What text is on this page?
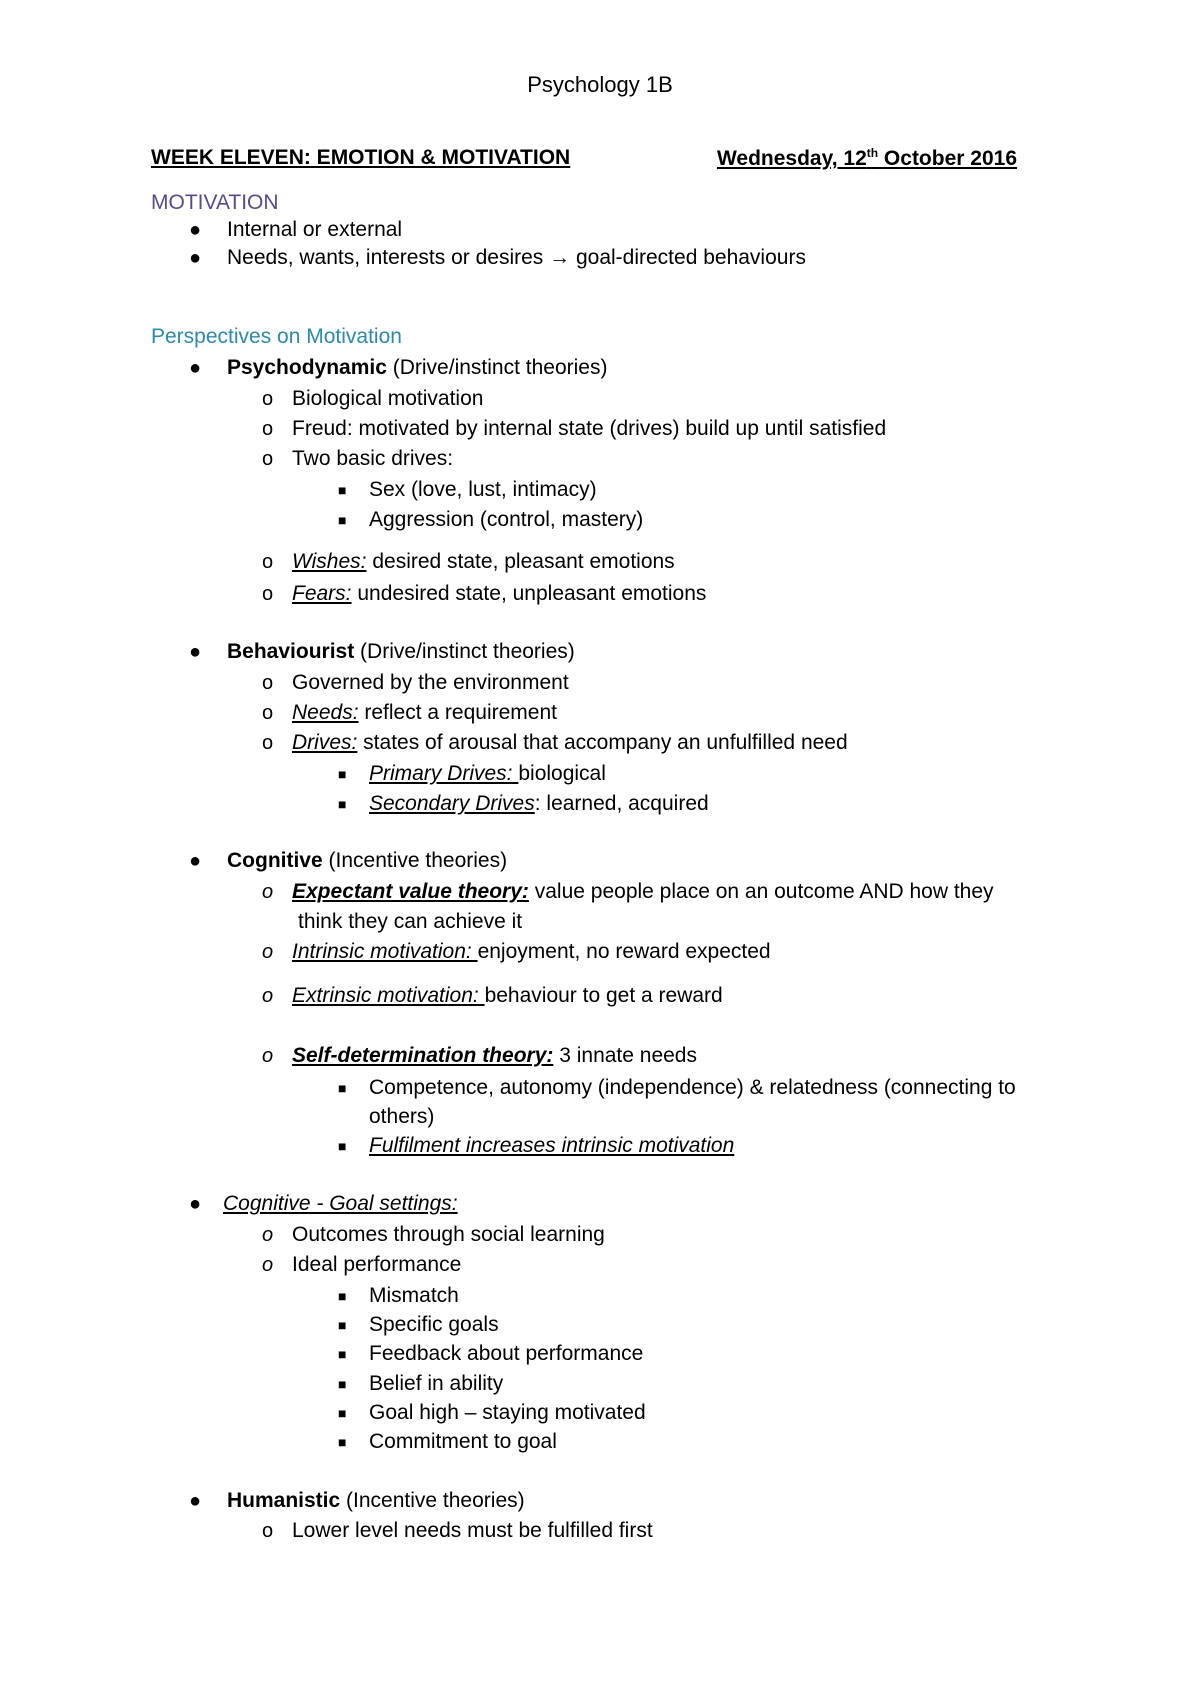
Psychology 1B
WEEK ELEVEN: EMOTION & MOTIVATION	Wednesday, 12th October 2016
MOTIVATION
● Internal or external
● Needs, wants, interests or desires → goal-directed behaviours
Perspectives on Motivation
● Psychodynamic (Drive/instinct theories)
o Biological motivation
o Freud: motivated by internal state (drives) build up until satisfied
o Two basic drives:
■ Sex (love, lust, intimacy)
■ Aggression (control, mastery)
o Wishes: desired state, pleasant emotions
o Fears: undesired state, unpleasant emotions
● Behaviourist (Drive/instinct theories)
o Governed by the environment
o Needs: reflect a requirement
o Drives: states of arousal that accompany an unfulfilled need
■ Primary Drives: biological
■ Secondary Drives: learned, acquired
● Cognitive (Incentive theories)
o Expectant value theory: value people place on an outcome AND how they
think they can achieve it
o Intrinsic motivation: enjoyment, no reward expected
o Extrinsic motivation: behaviour to get a reward
o Self-determination theory: 3 innate needs
■ Competence, autonomy (independence) & relatedness (connecting to
others)
■ Fulfilment increases intrinsic motivation
● Cognitive - Goal settings:
o Outcomes through social learning
o Ideal performance
■ Mismatch
■ Specific goals
■ Feedback about performance
■ Belief in ability
■ Goal high – staying motivated
■ Commitment to goal
● Humanistic (Incentive theories)
o Lower level needs must be fulfilled first
